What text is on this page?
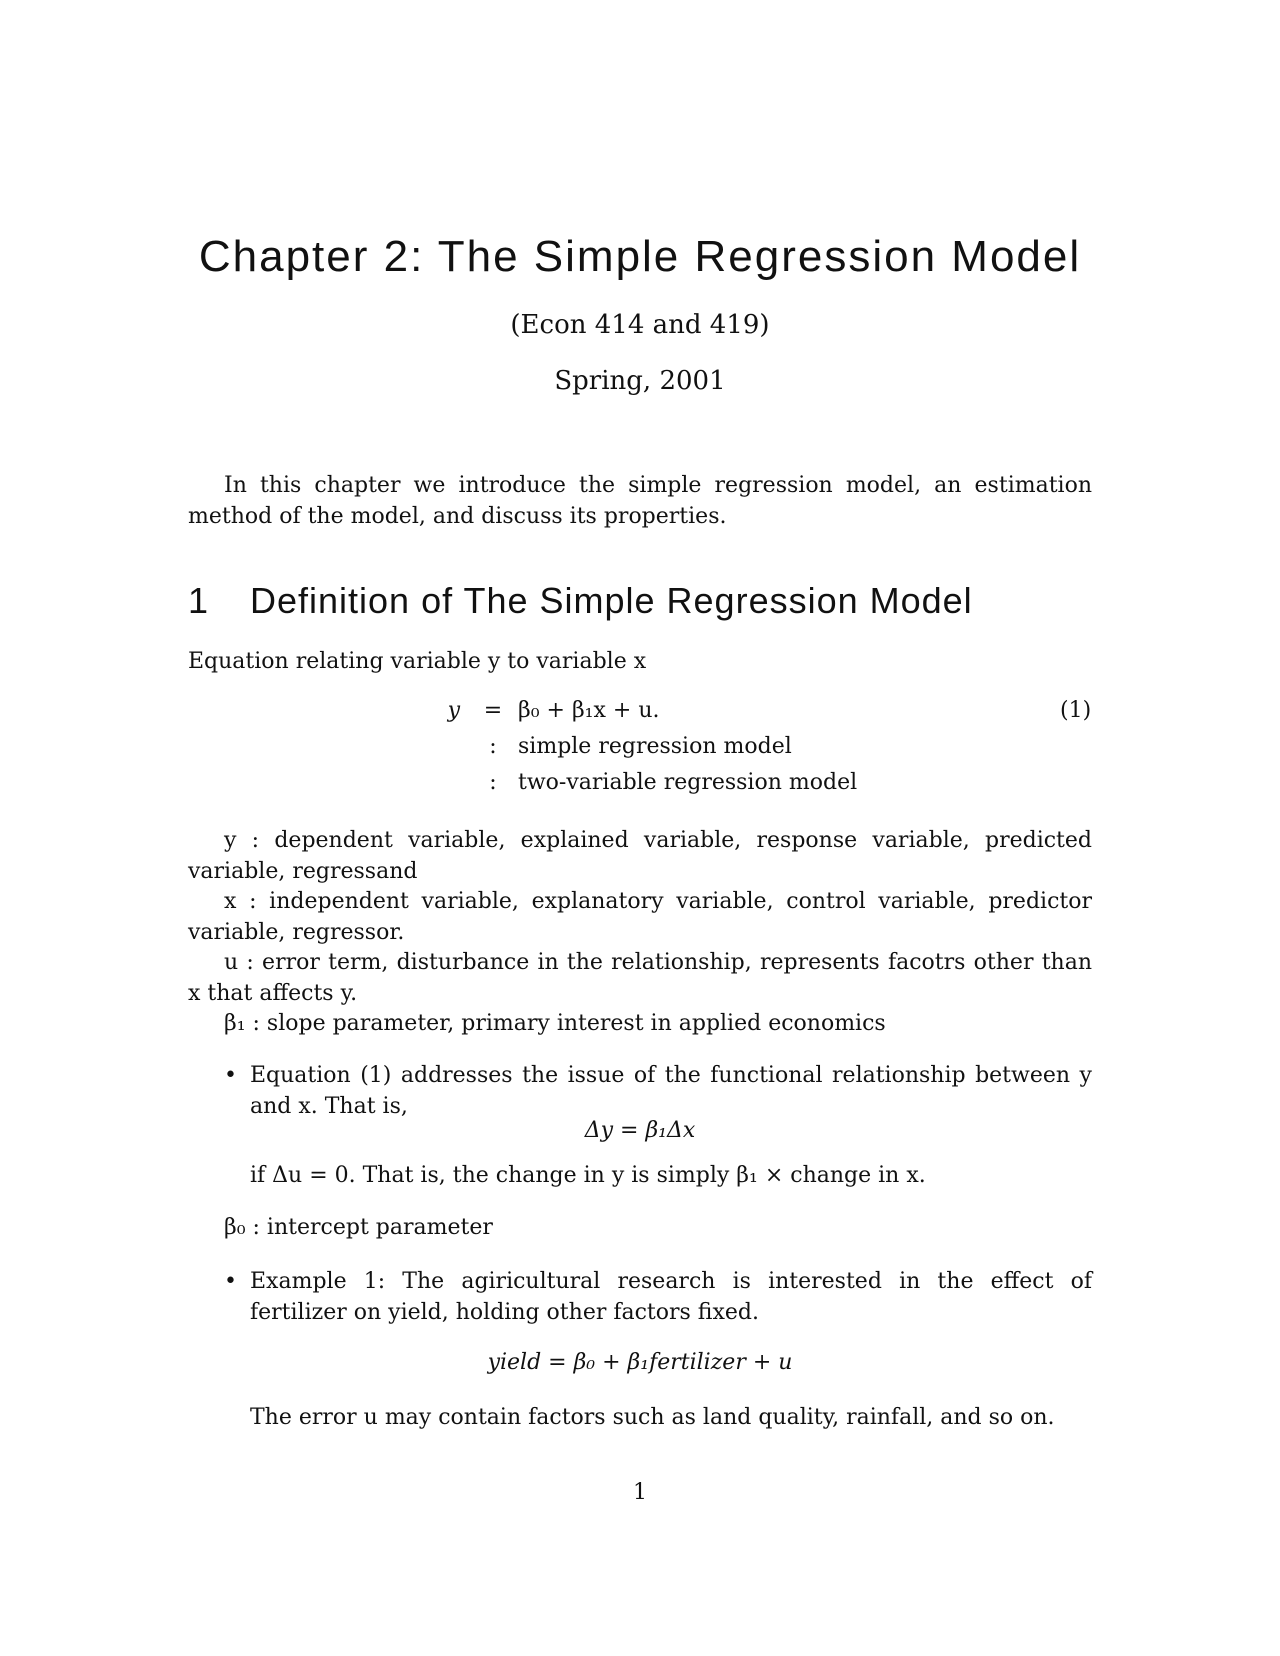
Chapter 2: The Simple Regression Model
(Econ 414 and 419)
Spring, 2001
In this chapter we introduce the simple regression model, an estimation method of the model, and discuss its properties.
1 Definition of The Simple Regression Model
Equation relating variable y to variable x
y = β₀ + β₁x + u.	(1)
: simple regression model
: two-variable regression model
y : dependent variable, explained variable, response variable, predicted variable, regressand
x : independent variable, explanatory variable, control variable, predictor variable, regressor.
u : error term, disturbance in the relationship, represents facotrs other than x that affects y.
β₁ : slope parameter, primary interest in applied economics
• Equation (1) addresses the issue of the functional relationship between y and x. That is,
Δy = β₁Δx
if Δu = 0. That is, the change in y is simply β₁ × change in x.
β₀ : intercept parameter
• Example 1: The agiricultural research is interested in the effect of fertilizer on yield, holding other factors fixed.
yield = β₀ + β₁fertilizer + u
The error u may contain factors such as land quality, rainfall, and so on.
1
